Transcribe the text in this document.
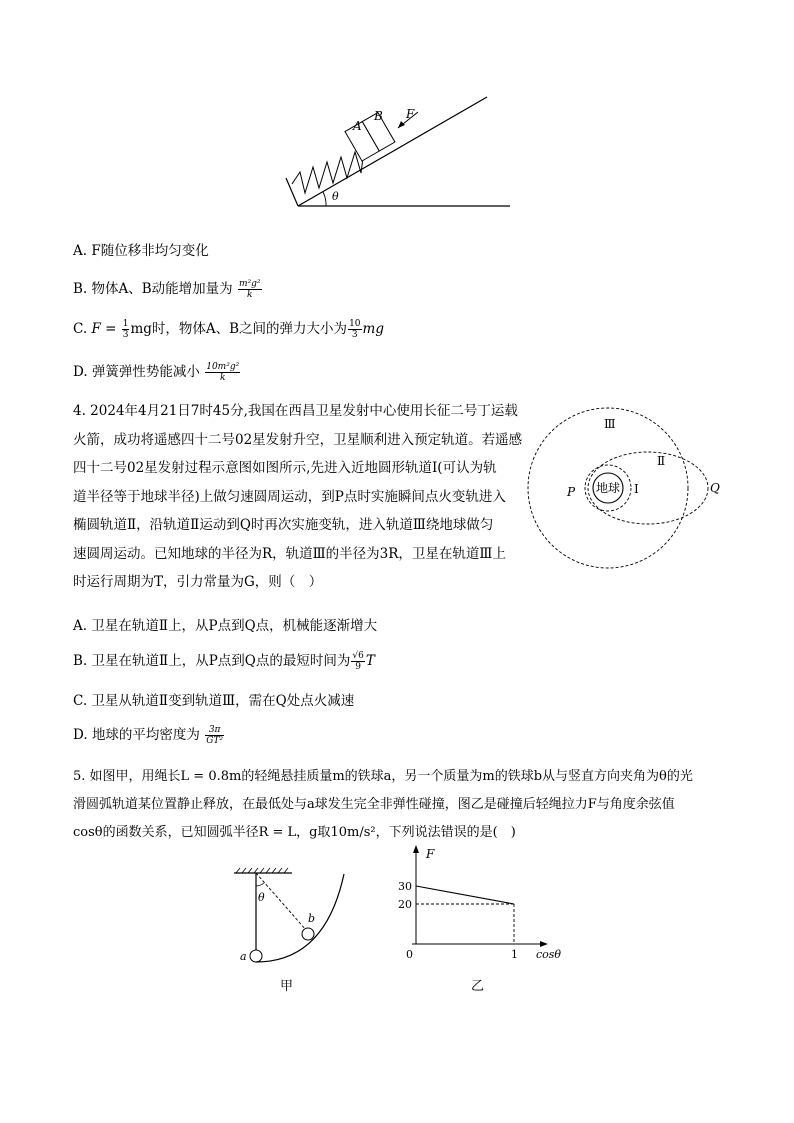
A
B F
θ
A. F随位移非均匀变化
B. 物体A、B动能增加量为 $\frac{\text{m²g²}}{k}$
C. $F = \frac{1}{3}$ mg时，物体A、B之间的弹力大小为 $\frac{10}{3}$ mg
D. 弹簧弹性势能减小 $\frac{\text{10m²g²}}{k}$
4. 2024年4月21日7时45分,我国在西昌卫星发射中心使用长征二号丁运载
火箭，成功将遥感四十二号02星发射升空，卫星顺利进入预定轨道。若遥感
四十二号02星发射过程示意图如图所示,先进入近地圆形轨道Ⅰ(可认为轨
道半径等于地球半径)上做匀速圆周运动，到P点时实施瞬间点火变轨进入
椭圆轨道Ⅱ，沿轨道Ⅱ运动到Q时再次实施变轨，进入轨道Ⅲ绕地球做匀
速圆周运动。已知地球的半径为R，轨道Ⅲ的半径为3R，卫星在轨道Ⅲ上
时运行周期为T，引力常量为G，则（　）
地球
Ⅲ
Ⅱ
Ⅰ
P	Q
A. 卫星在轨道Ⅱ上，从P点到Q点，机械能逐渐增大
B. 卫星在轨道Ⅱ上，从P点到Q点的最短时间为 $\frac{√6}{9}$ T
C. 卫星从轨道Ⅱ变到轨道Ⅲ，需在Q处点火减速
D. 地球的平均密度为 $\frac{3\pi}{\text{GT²}}$
5. 如图甲，用绳长L = 0.8m的轻绳悬挂质量m的铁球a，另一个质量为m的铁球b从与竖直方向夹角为θ的光
滑圆弧轨道某位置静止释放，在最低处与a球发生完全非弹性碰撞，图乙是碰撞后轻绳拉力F与角度余弦值
cosθ的函数关系，已知圆弧半径R = L，g取10m/s²，下列说法错误的是(　)
θ
a
b
甲
F
30
20
0	1 cosθ
乙
